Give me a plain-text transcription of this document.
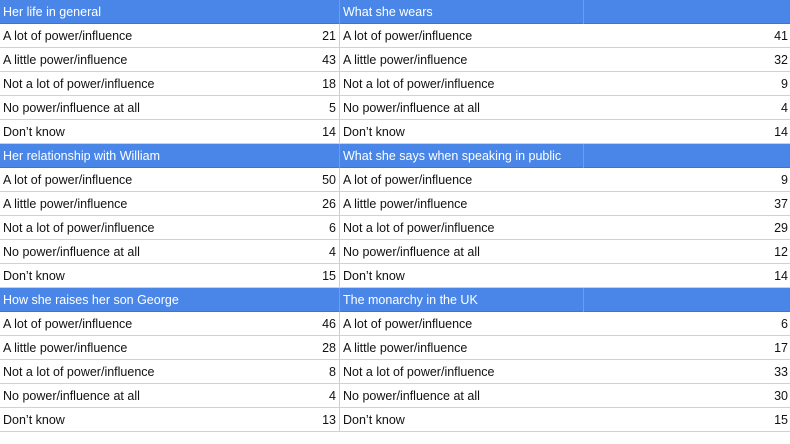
Her life in general	What she wears
A lot of power/influence	21 A lot of power/influence	41
A little power/influence	43 A little power/influence	32
Not a lot of power/influence	18 Not a lot of power/influence	9
No power/influence at all	5 No power/influence at all	4
Don’t know	14 Don’t know	14
Her relationship with William	What she says when speaking in public
A lot of power/influence	50 A lot of power/influence	9
A little power/influence	26 A little power/influence	37
Not a lot of power/influence	6 Not a lot of power/influence	29
No power/influence at all	4 No power/influence at all	12
Don’t know	15 Don’t know	14
How she raises her son George	The monarchy in the UK
A lot of power/influence	46 A lot of power/influence	6
A little power/influence	28 A little power/influence	17
Not a lot of power/influence	8 Not a lot of power/influence	33
No power/influence at all	4 No power/influence at all	30
Don’t know	13 Don’t know	15
